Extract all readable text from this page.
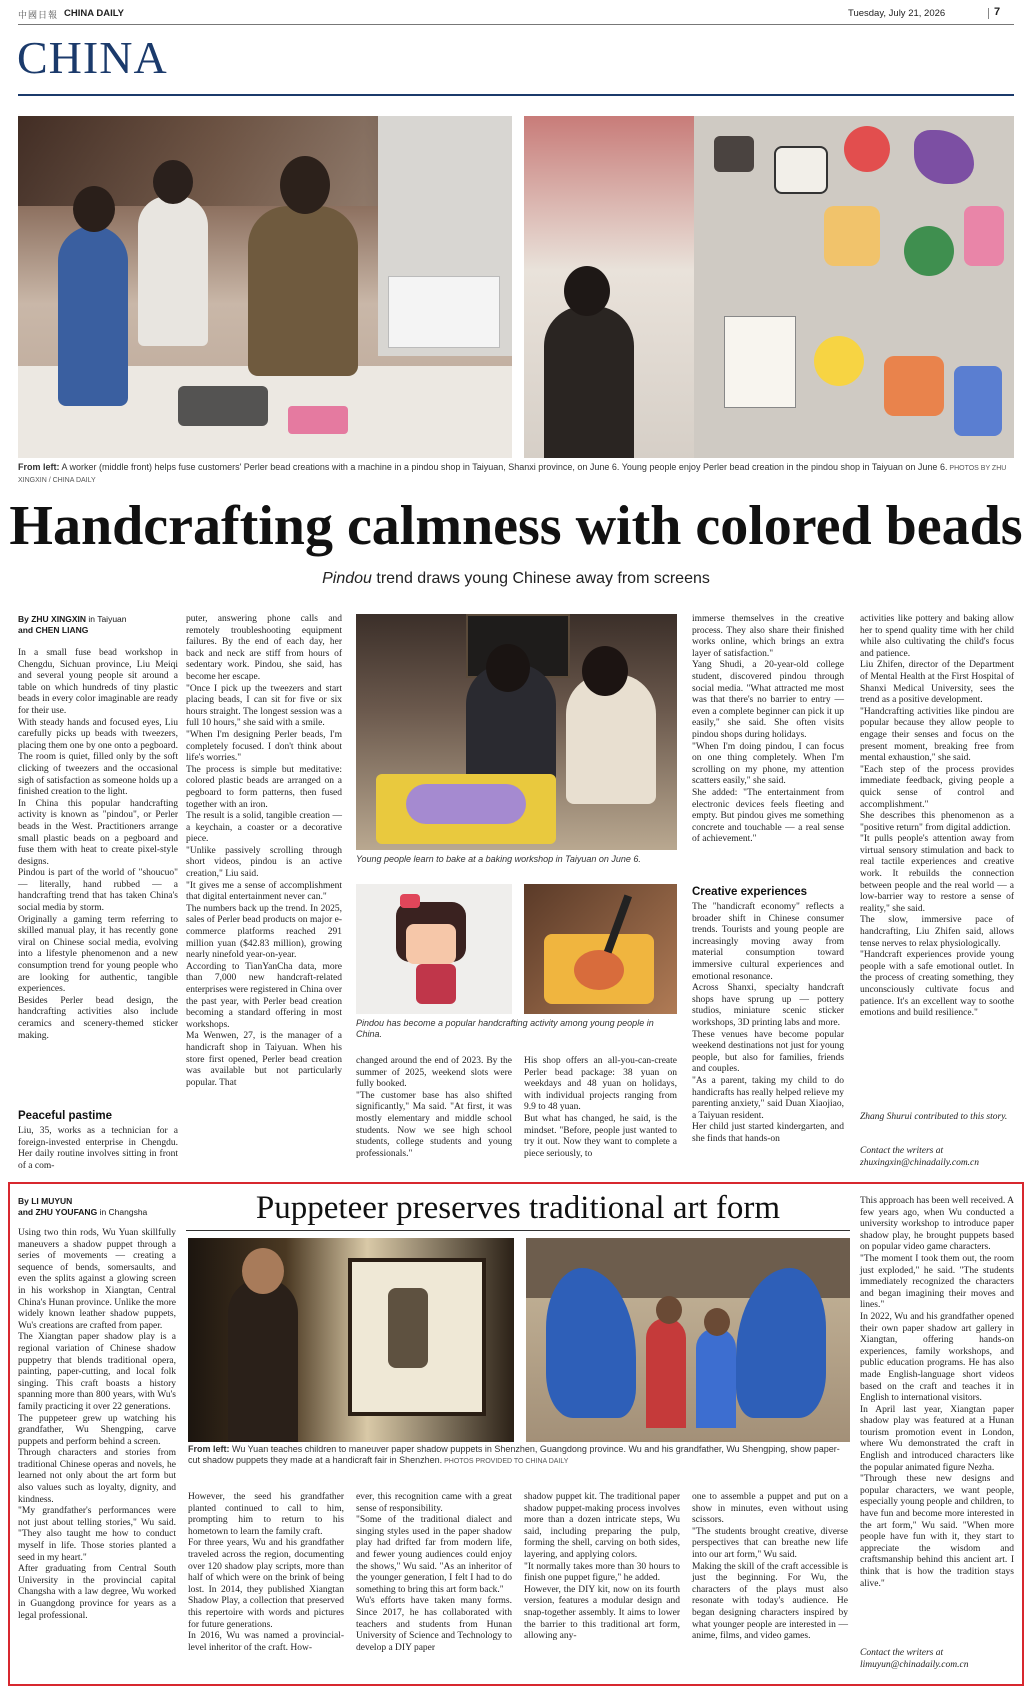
中國日報 CHINA DAILY	Tuesday, July 21, 2026	7
CHINA
From left: A worker (middle front) helps fuse customers' Perler bead creations with a machine in a pindou shop in Taiyuan, Shanxi province, on June 6. Young people enjoy Perler bead creation in the pindou shop in Taiyuan on June 6. PHOTOS BY ZHU XINGXIN / CHINA DAILY
Handcrafting calmness with colored beads
Pindou trend draws young Chinese away from screens
By ZHU XINGXIN in Taiyuan
and CHEN LIANG
In a small fuse bead workshop in Chengdu, Sichuan province, Liu Meiqi and several young people sit around a table on which hundreds of tiny plastic beads in every color imaginable are ready for their use.
With steady hands and focused eyes, Liu carefully picks up beads with tweezers, placing them one by one onto a pegboard. The room is quiet, filled only by the soft clicking of tweezers and the occasional sigh of satisfaction as someone holds up a finished creation to the light.
In China this popular handcrafting activity is known as "pindou", or Perler beads in the West. Practitioners arrange small plastic beads on a pegboard and fuse them with heat to create pixel-style designs.
Pindou is part of the world of "shoucuo" — literally, hand rubbed — a handcrafting trend that has taken China's social media by storm.
Originally a gaming term referring to skilled manual play, it has recently gone viral on Chinese social media, evolving into a lifestyle phenomenon and a new consumption trend for young people who are looking for authentic, tangible experiences.
Besides Perler bead design, the handcrafting activities also include ceramics and scenery-themed sticker making.
Peaceful pastime
Liu, 35, works as a technician for a foreign-invested enterprise in Chengdu. Her daily routine involves sitting in front of a com-
puter, answering phone calls and remotely troubleshooting equipment failures. By the end of each day, her back and neck are stiff from hours of sedentary work. Pindou, she said, has become her escape.
"Once I pick up the tweezers and start placing beads, I can sit for five or six hours straight. The longest session was a full 10 hours," she said with a smile.
"When I'm designing Perler beads, I'm completely focused. I don't think about life's worries."
The process is simple but meditative: colored plastic beads are arranged on a pegboard to form patterns, then fused together with an iron.
The result is a solid, tangible creation — a keychain, a coaster or a decorative piece.
"Unlike passively scrolling through short videos, pindou is an active creation," Liu said.
"It gives me a sense of accomplishment that digital entertainment never can."
The numbers back up the trend. In 2025, sales of Perler bead products on major e-commerce platforms reached 291 million yuan ($42.83 million), growing nearly ninefold year-on-year.
According to TianYanCha data, more than 7,000 new handcraft-related enterprises were registered in China over the past year, with Perler bead creation becoming a standard offering in most workshops.
Ma Wenwen, 27, is the manager of a handicraft shop in Taiyuan. When his store first opened, Perler bead creation was available but not particularly popular. That
Young people learn to bake at a baking workshop in Taiyuan on June 6.
Pindou has become a popular handcrafting activity among young people in China.
changed around the end of 2023. By the summer of 2025, weekend slots were fully booked.
"The customer base has also shifted significantly," Ma said. "At first, it was mostly elementary and middle school students. Now we see high school students, college students and young professionals."
His shop offers an all-you-can-create Perler bead package: 38 yuan on weekdays and 48 yuan on holidays, with individual projects ranging from 9.9 to 48 yuan.
But what has changed, he said, is the mindset. "Before, people just wanted to try it out. Now they want to complete a piece seriously, to
immerse themselves in the creative process. They also share their finished works online, which brings an extra layer of satisfaction."
Yang Shudi, a 20-year-old college student, discovered pindou through social media. "What attracted me most was that there's no barrier to entry — even a complete beginner can pick it up easily," she said. She often visits pindou shops during holidays.
"When I'm doing pindou, I can focus on one thing completely. When I'm scrolling on my phone, my attention scatters easily," she said.
She added: "The entertainment from electronic devices feels fleeting and empty. But pindou gives me something concrete and touchable — a real sense of achievement."
Creative experiences
The "handicraft economy" reflects a broader shift in Chinese consumer trends. Tourists and young people are increasingly moving away from material consumption toward immersive cultural experiences and emotional resonance.
Across Shanxi, specialty handcraft shops have sprung up — pottery studios, miniature scenic sticker workshops, 3D printing labs and more.
These venues have become popular weekend destinations not just for young people, but also for families, friends and couples.
"As a parent, taking my child to do handicrafts has really helped relieve my parenting anxiety," said Duan Xiaojiao, a Taiyuan resident.
Her child just started kindergarten, and she finds that hands-on
activities like pottery and baking allow her to spend quality time with her child while also cultivating the child's focus and patience.
Liu Zhifen, director of the Department of Mental Health at the First Hospital of Shanxi Medical University, sees the trend as a positive development.
"Handcrafting activities like pindou are popular because they allow people to engage their senses and focus on the present moment, breaking free from mental exhaustion," she said.
"Each step of the process provides immediate feedback, giving people a quick sense of control and accomplishment."
She describes this phenomenon as a "positive return" from digital addiction.
"It pulls people's attention away from virtual sensory stimulation and back to real tactile experiences and creative work. It rebuilds the connection between people and the real world — a low-barrier way to restore a sense of reality," she said.
The slow, immersive pace of handcrafting, Liu Zhifen said, allows tense nerves to relax physiologically.
"Handcraft experiences provide young people with a safe emotional outlet. In the process of creating something, they unconsciously cultivate focus and patience. It's an excellent way to soothe emotions and build resilience."
Zhang Shurui contributed to this story.
Contact the writers at
zhuxingxin@chinadaily.com.cn
By LI MUYUN
and ZHU YOUFANG in Changsha
Using two thin rods, Wu Yuan skillfully maneuvers a shadow puppet through a series of movements — creating a sequence of bends, somersaults, and even the splits against a glowing screen in his workshop in Xiangtan, Central China's Hunan province. Unlike the more widely known leather shadow puppets, Wu's creations are crafted from paper.
The Xiangtan paper shadow play is a regional variation of Chinese shadow puppetry that blends traditional opera, painting, paper-cutting, and local folk singing. This craft boasts a history spanning more than 800 years, with Wu's family practicing it over 22 generations.
The puppeteer grew up watching his grandfather, Wu Shengping, carve puppets and perform behind a screen.
Through characters and stories from traditional Chinese operas and novels, he learned not only about the art form but also values such as loyalty, dignity, and kindness.
"My grandfather's performances were not just about telling stories," Wu said. "They also taught me how to conduct myself in life. Those stories planted a seed in my heart."
After graduating from Central South University in the provincial capital Changsha with a law degree, Wu worked in Guangdong province for years as a legal professional.
Puppeteer preserves traditional art form
From left: Wu Yuan teaches children to maneuver paper shadow puppets in Shenzhen, Guangdong province. Wu and his grandfather, Wu Shengping, show paper-cut shadow puppets they made at a handicraft fair in Shenzhen. PHOTOS PROVIDED TO CHINA DAILY
However, the seed his grandfather planted continued to call to him, prompting him to return to his hometown to learn the family craft.
For three years, Wu and his grandfather traveled across the region, documenting over 120 shadow play scripts, more than half of which were on the brink of being lost. In 2014, they published Xiangtan Shadow Play, a collection that preserved this repertoire with words and pictures for future generations.
In 2016, Wu was named a provincial-level inheritor of the craft. How-
ever, this recognition came with a great sense of responsibility.
"Some of the traditional dialect and singing styles used in the paper shadow play had drifted far from modern life, and fewer young audiences could enjoy the shows," Wu said. "As an inheritor of the younger generation, I felt I had to do something to bring this art form back."
Wu's efforts have taken many forms. Since 2017, he has collaborated with teachers and students from Hunan University of Science and Technology to develop a DIY paper
shadow puppet kit. The traditional paper shadow puppet-making process involves more than a dozen intricate steps, Wu said, including preparing the pulp, forming the shell, carving on both sides, layering, and applying colors.
"It normally takes more than 30 hours to finish one puppet figure," he added.
However, the DIY kit, now on its fourth version, features a modular design and snap-together assembly. It aims to lower the barrier to this traditional art form, allowing any-
one to assemble a puppet and put on a show in minutes, even without using scissors.
"The students brought creative, diverse perspectives that can breathe new life into our art form," Wu said.
Making the skill of the craft accessible is just the beginning. For Wu, the characters of the plays must also resonate with today's audience. He began designing characters inspired by what younger people are interested in — anime, films, and video games.
This approach has been well received. A few years ago, when Wu conducted a university workshop to introduce paper shadow play, he brought puppets based on popular video game characters.
"The moment I took them out, the room just exploded," he said. "The students immediately recognized the characters and began imagining their moves and lines."
In 2022, Wu and his grandfather opened their own paper shadow art gallery in Xiangtan, offering hands-on experiences, family workshops, and public education programs. He has also made English-language short videos based on the craft and teaches it in English to international visitors.
In April last year, Xiangtan paper shadow play was featured at a Hunan tourism promotion event in London, where Wu demonstrated the craft in English and introduced characters like the popular animated figure Nezha.
"Through these new designs and popular characters, we want people, especially young people and children, to have fun and become more interested in the art form," Wu said. "When more people have fun with it, they start to appreciate the wisdom and craftsmanship behind this ancient art. I think that is how the tradition stays alive."
Contact the writers at
limuyun@chinadaily.com.cn
